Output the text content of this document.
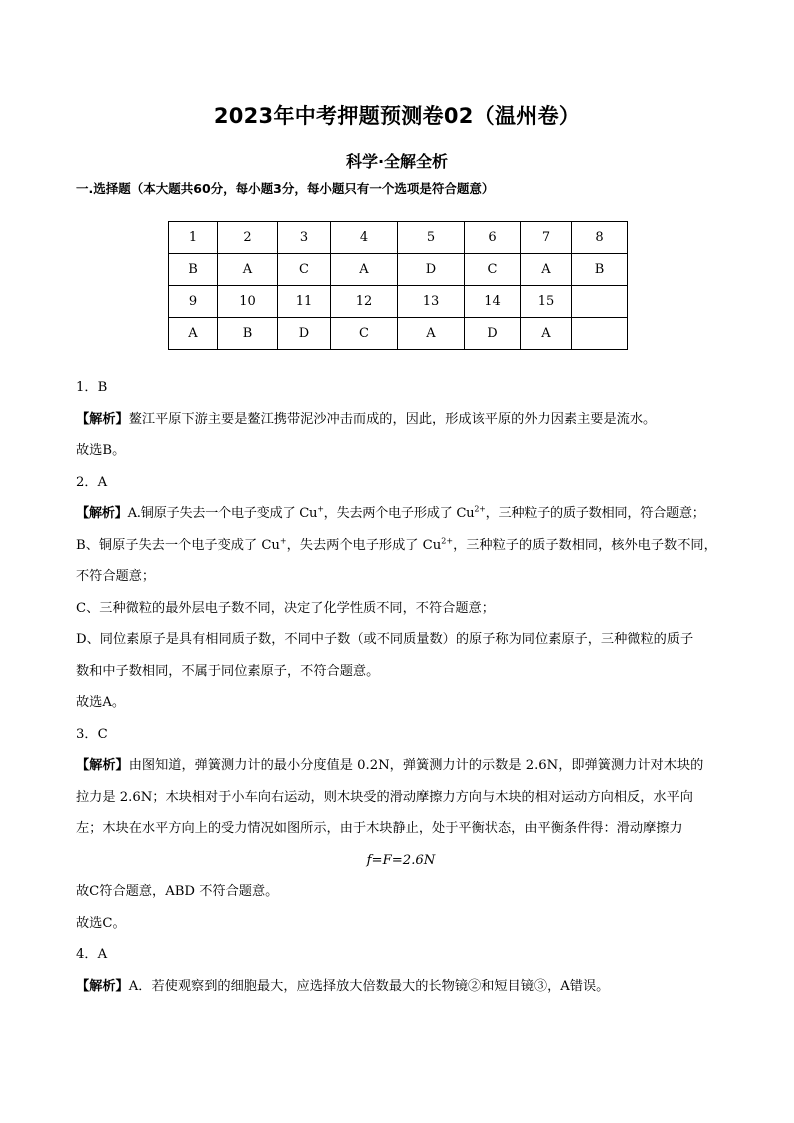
2023年中考押题预测卷02（温州卷）
科学·全解全析
一.选择题（本大题共60分，每小题3分，每小题只有一个选项是符合题意）
1	2	3	4	5	6	7	8
B	A	C	A	D	C	A	B
9	10	11	12	13	14	15	
A	B	D	C	A	D	A	

1．B

【解析】鳌江平原下游主要是鳌江携带泥沙冲击而成的，因此，形成该平原的外力因素主要是流水。

故选B。

2．A

【解析】A.铜原子失去一个电子变成了 Cu+，失去两个电子形成了 $Cu^{2+}$，三种粒子的质子数相同，符合题意；

B、铜原子失去一个电子变成了 Cu+，失去两个电子形成了 $Cu^{2+}$，三种粒子的质子数相同，核外电子数不同，

不符合题意；

C、三种微粒的最外层电子数不同，决定了化学性质不同，不符合题意；

D、同位素原子是具有相同质子数，不同中子数（或不同质量数）的原子称为同位素原子，三种微粒的质子

数和中子数相同，不属于同位素原子，不符合题意。

故选A。

3．C

【解析】由图知道，弹簧测力计的最小分度值是 0.2N，弹簧测力计的示数是 2.6N，即弹簧测力计对木块的

拉力是 2.6N；木块相对于小车向右运动，则木块受的滑动摩擦力方向与木块的相对运动方向相反，水平向

左；木块在水平方向上的受力情况如图所示，由于木块静止，处于平衡状态，由平衡条件得：滑动摩擦力

f=F=2.6N

故C符合题意，ABD 不符合题意。

故选C。

4．A

【解析】A．若使观察到的细胞最大，应选择放大倍数最大的长物镜②和短目镜③，A错误。
